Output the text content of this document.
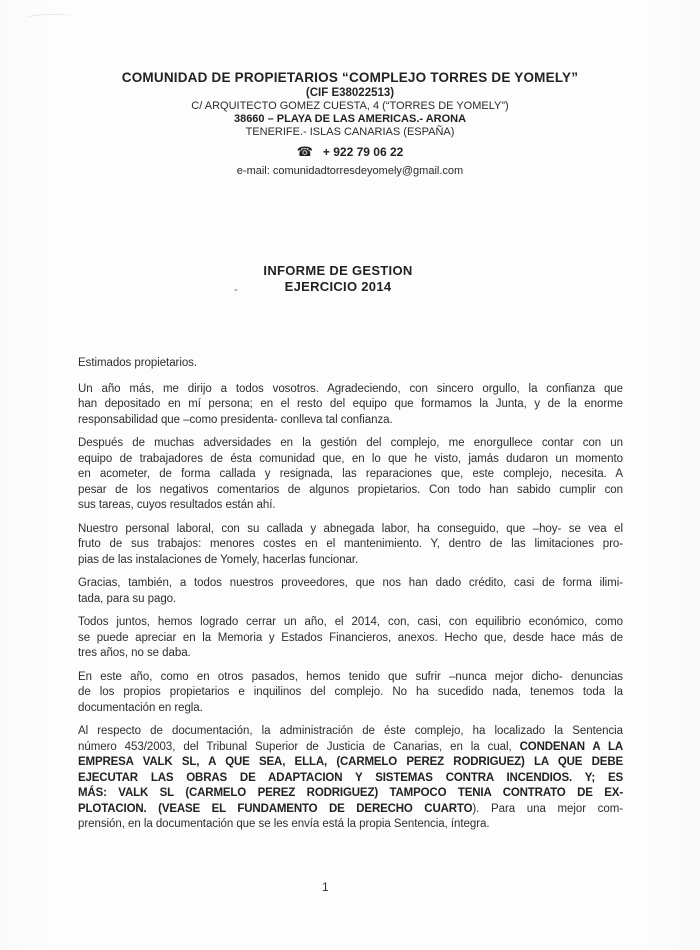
COMUNIDAD DE PROPIETARIOS “COMPLEJO TORRES DE YOMELY”
(CIF E38022513)
C/ ARQUITECTO GOMEZ CUESTA, 4 (“TORRES DE YOMELY”)
38660 – PLAYA DE LAS AMERICAS.- ARONA
TENERIFE.- ISLAS CANARIAS (ESPAÑA)
☎ + 922 79 06 22
e-mail: comunidadtorresdeyomely@gmail.com
-
INFORME DE GESTION
EJERCICIO 2014
Estimados propietarios.
Un año más, me dirijo a todos vosotros. Agradeciendo, con sincero orgullo, la confianza que
han depositado en mí persona; en el resto del equipo que formamos la Junta, y de la enorme
responsabilidad que –como presidenta- conlleva tal confianza.
Después de muchas adversidades en la gestión del complejo, me enorgullece contar con un
equipo de trabajadores de ésta comunidad que, en lo que he visto, jamás dudaron un momento
en acometer, de forma callada y resignada, las reparaciones que, este complejo, necesita. A
pesar de los negativos comentarios de algunos propietarios. Con todo han sabido cumplir con
sus tareas, cuyos resultados están ahí.
Nuestro personal laboral, con su callada y abnegada labor, ha conseguido, que –hoy- se vea el
fruto de sus trabajos: menores costes en el mantenimiento. Y, dentro de las limitaciones pro-
pias de las instalaciones de Yomely, hacerlas funcionar.
Gracias, también, a todos nuestros proveedores, que nos han dado crédito, casi de forma ilimi-
tada, para su pago.
Todos juntos, hemos logrado cerrar un año, el 2014, con, casi, con equilibrio económico, como
se puede apreciar en la Memoria y Estados Financieros, anexos. Hecho que, desde hace más de
tres años, no se daba.
En este año, como en otros pasados, hemos tenido que sufrir –nunca mejor dicho- denuncias
de los propios propietarios e inquilinos del complejo. No ha sucedido nada, tenemos toda la
documentación en regla.
Al respecto de documentación, la administración de éste complejo, ha localizado la Sentencia
número 453/2003, del Tribunal Superior de Justicia de Canarias, en la cual, CONDENAN A LA
EMPRESA VALK SL, A QUE SEA, ELLA, (CARMELO PEREZ RODRIGUEZ) LA QUE DEBE
EJECUTAR LAS OBRAS DE ADAPTACION Y SISTEMAS CONTRA INCENDIOS. Y; ES
MÁS: VALK SL (CARMELO PEREZ RODRIGUEZ) TAMPOCO TENIA CONTRATO DE EX-
PLOTACION. (VEASE EL FUNDAMENTO DE DERECHO CUARTO). Para una mejor com-
prensión, en la documentación que se les envía está la propia Sentencia, íntegra.
1
